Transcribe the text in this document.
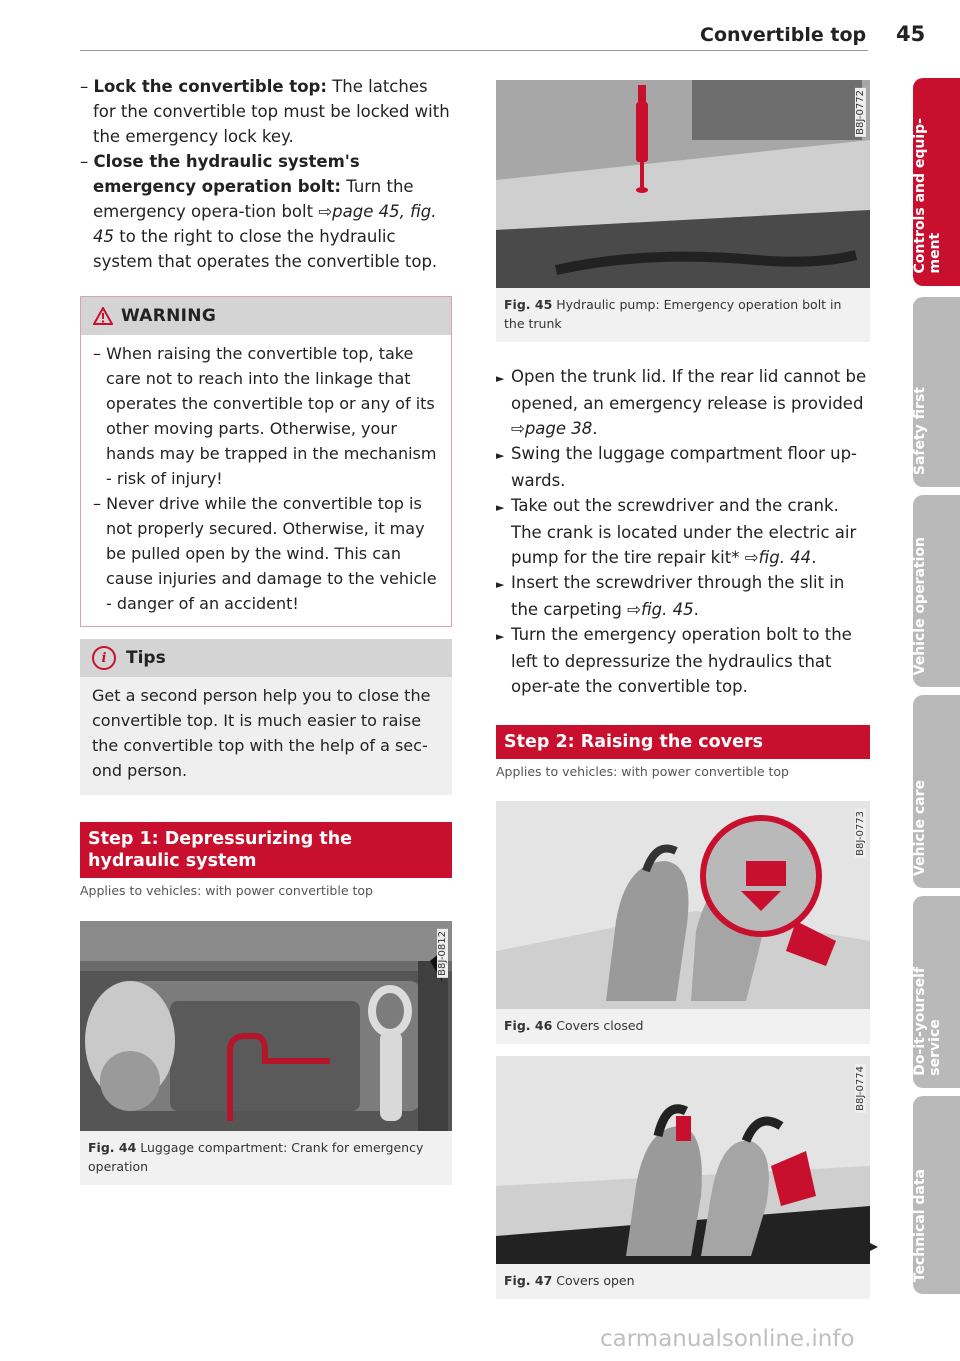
Convertible top 45
– Lock the convertible top: The latches for the convertible top must be locked with the emergency lock key.
– Close the hydraulic system's emergency operation bolt: Turn the emergency opera-tion bolt ⇨page 45, fig. 45 to the right to close the hydraulic system that operates the convertible top.
WARNING
– When raising the convertible top, take care not to reach into the linkage that operates the convertible top or any of its other moving parts. Otherwise, your hands may be trapped in the mechanism - risk of injury!
– Never drive while the convertible top is not properly secured. Otherwise, it may be pulled open by the wind. This can cause injuries and damage to the vehicle - danger of an accident!
i	Tips
Get a second person help you to close the convertible top. It is much easier to raise the convertible top with the help of a sec-ond person.
Step 1: Depressurizing the hydraulic system
Applies to vehicles: with power convertible top
B8J-0812
Fig. 44 Luggage compartment: Crank for emergency operation
B8J-0772
Fig. 45 Hydraulic pump: Emergency operation bolt in the trunk
► Open the trunk lid. If the rear lid cannot be opened, an emergency release is provided ⇨page 38.
► Swing the luggage compartment floor up-wards.
► Take out the screwdriver and the crank. The crank is located under the electric air pump for the tire repair kit* ⇨fig. 44.
► Insert the screwdriver through the slit in the carpeting ⇨fig. 45.
► Turn the emergency operation bolt to the left to depressurize the hydraulics that oper-ate the convertible top.
Step 2: Raising the covers
Applies to vehicles: with power convertible top
B8J-0773
Fig. 46 Covers closed
B8J-0774
Fig. 47 Covers open
Controls and equip-
ment
Safety first
Vehicle operation
Vehicle care
Do-it-yourself
service
Technical data
carmanualsonline.info
